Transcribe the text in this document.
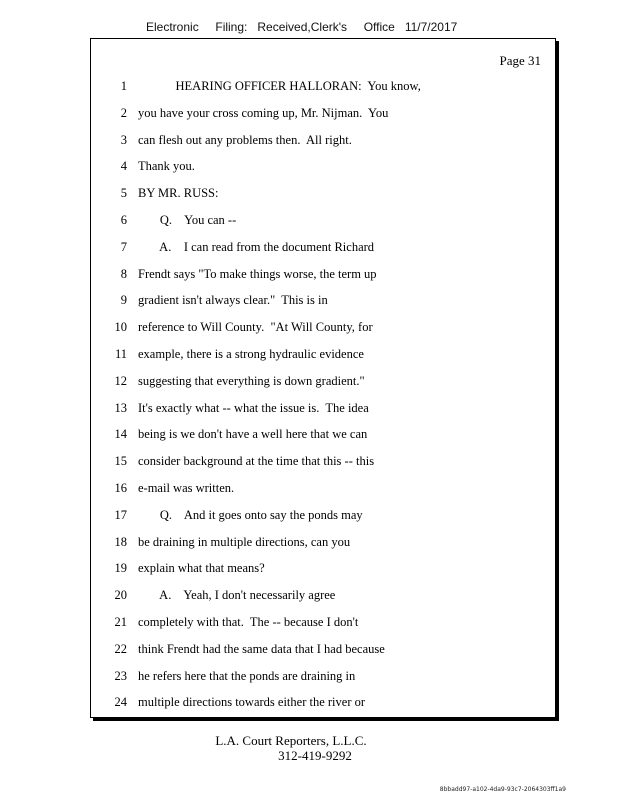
Electronic     Filing:   Received,Clerk's     Office   11/7/2017
Page 31
1 HEARING OFFICER HALLORAN:  You know,
2 you have your cross coming up, Mr. Nijman.  You
3 can flesh out any problems then.  All right.
4 Thank you.
5 BY MR. RUSS:
6 Q.    You can --
7 A.    I can read from the document Richard
8 Frendt says "To make things worse, the term up
9 gradient isn't always clear."  This is in
10 reference to Will County.  "At Will County, for
11 example, there is a strong hydraulic evidence
12 suggesting that everything is down gradient."
13 It's exactly what -- what the issue is.  The idea
14 being is we don't have a well here that we can
15 consider background at the time that this -- this
16 e-mail was written.
17 Q.    And it goes onto say the ponds may
18 be draining in multiple directions, can you
19 explain what that means?
20 A.    Yeah, I don't necessarily agree
21 completely with that.  The -- because I don't
22 think Frendt had the same data that I had because
23 he refers here that the ponds are draining in
24 multiple directions towards either the river or
L.A. Court Reporters, L.L.C.
312-419-9292
8bbadd97-a102-4da9-93c7-2064303ff1a9
